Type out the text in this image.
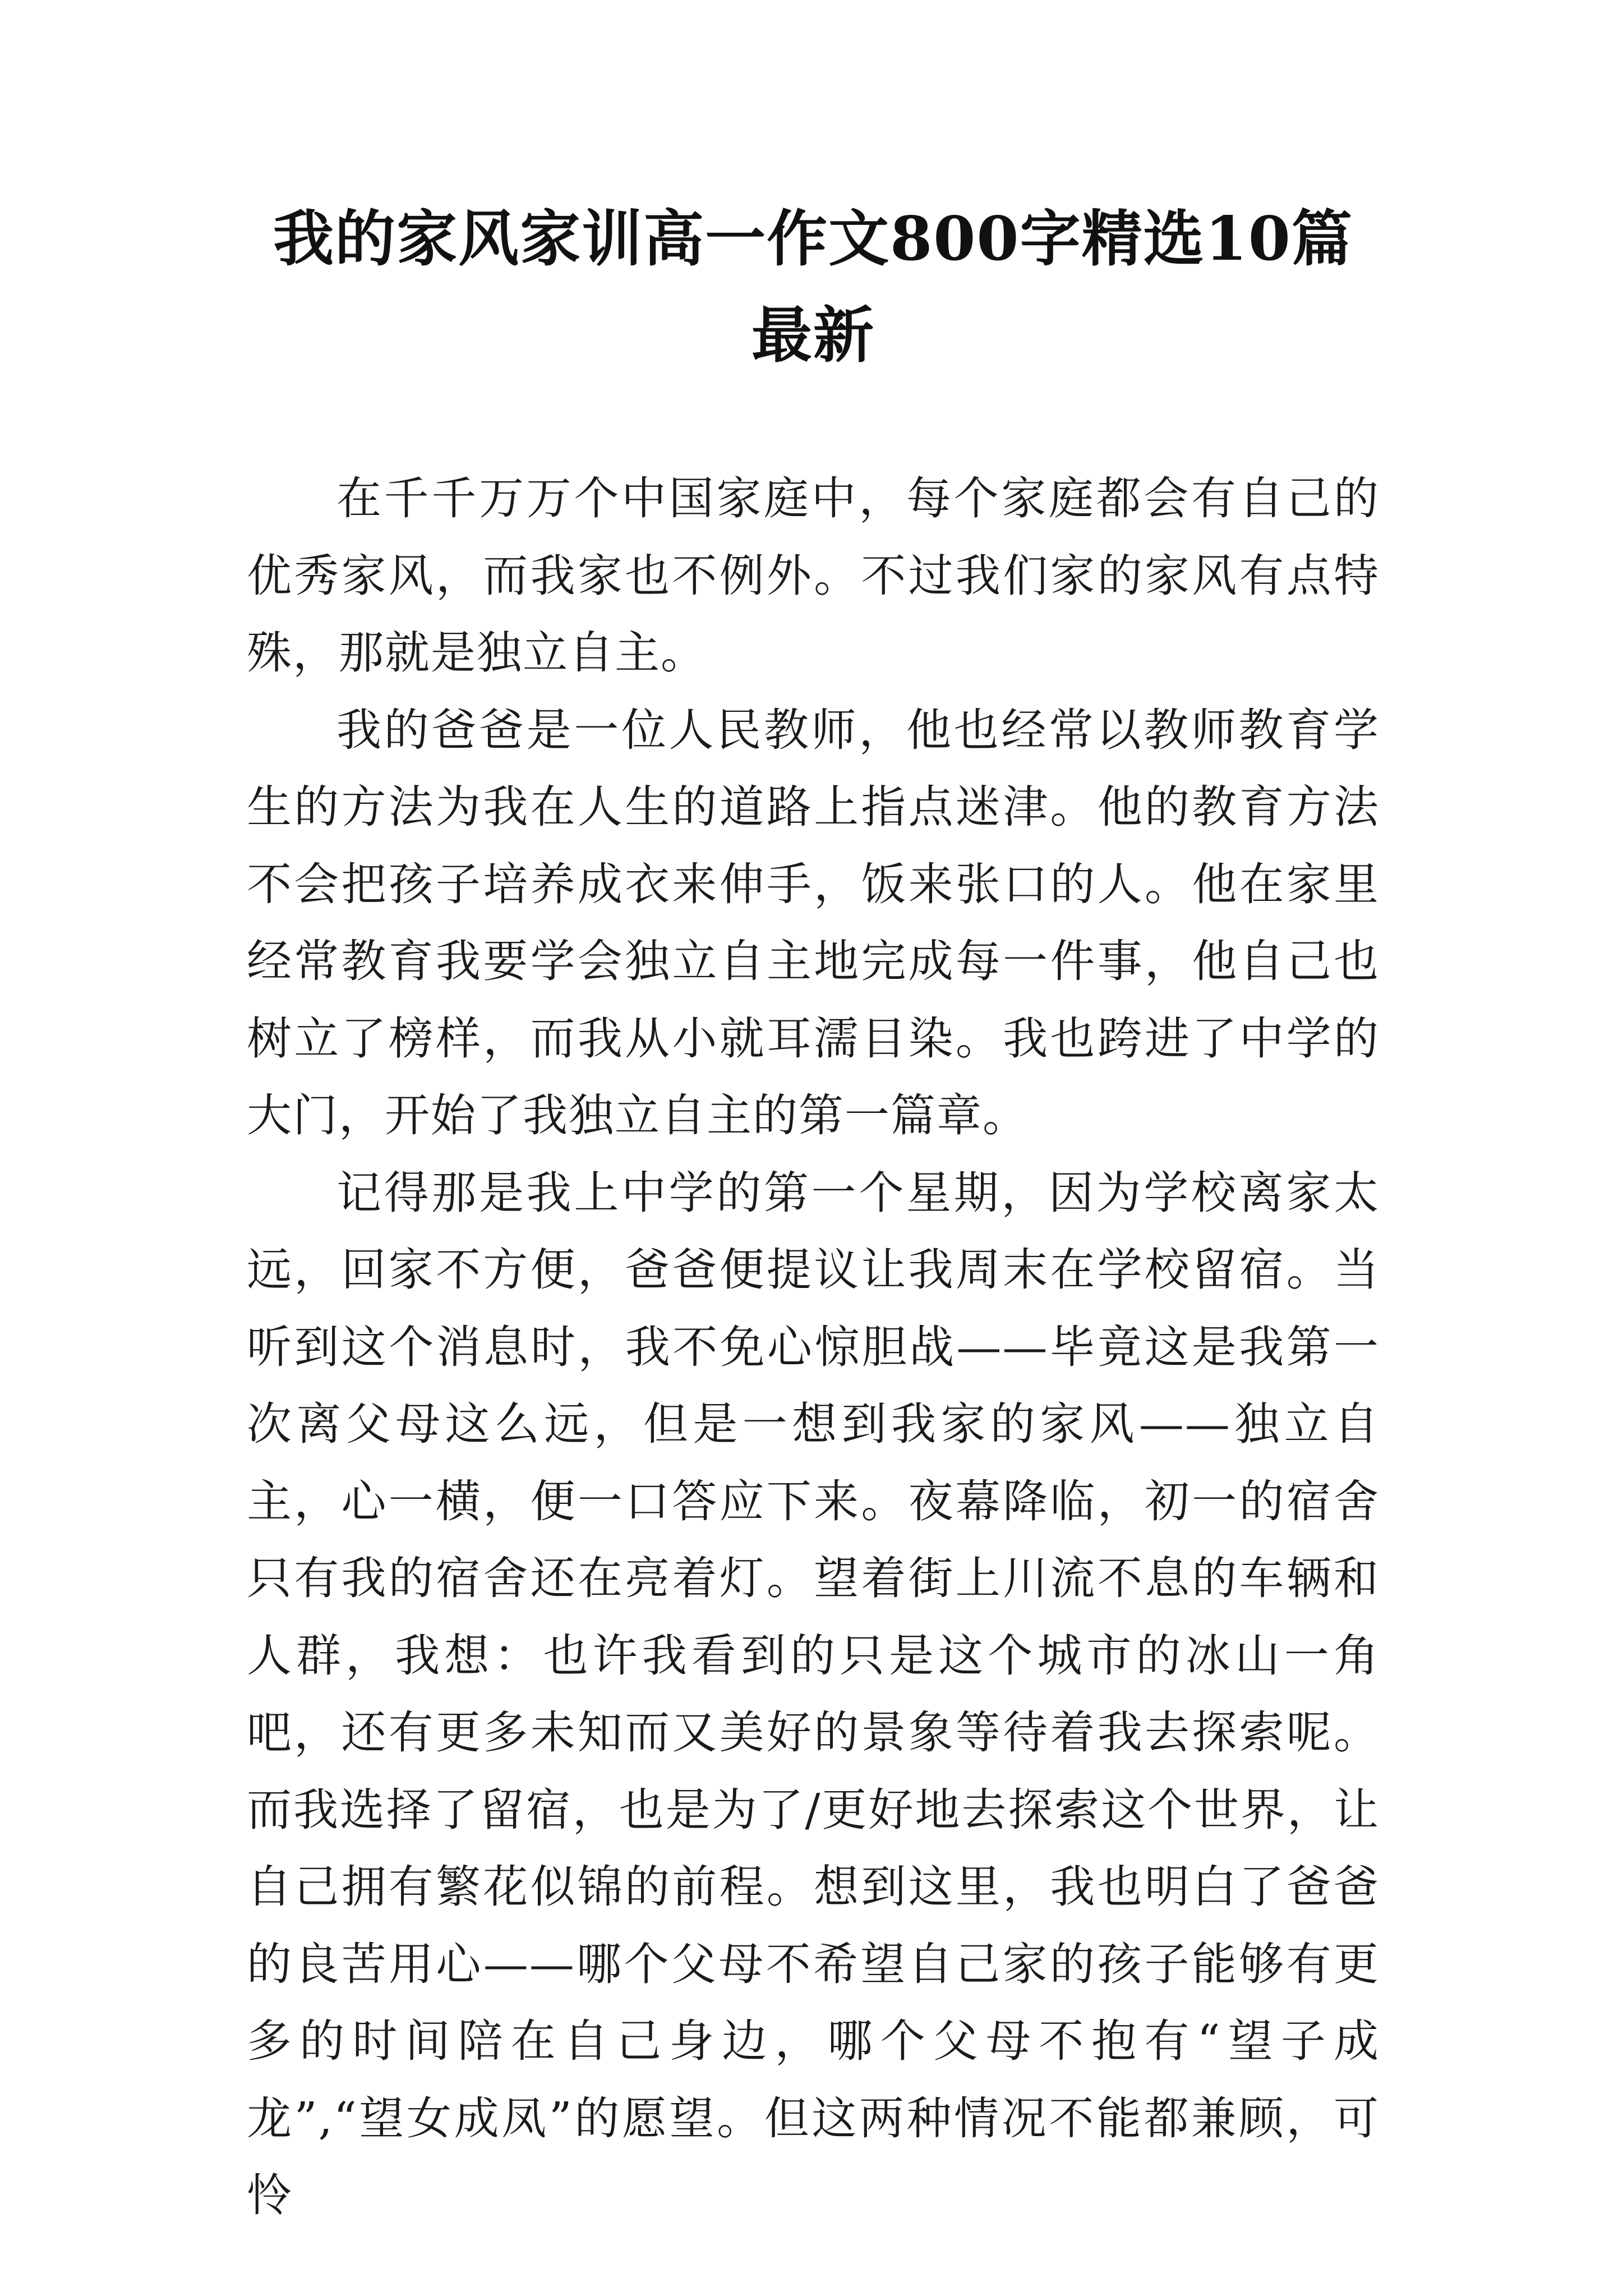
我的家风家训高一作文800字精选10篇最新

在千千万万个中国家庭中，每个家庭都会有自己的优秀家风，而我家也不例外。不过我们家的家风有点特殊，那就是独立自主。

我的爸爸是一位人民教师，他也经常以教师教育学生的方法为我在人生的道路上指点迷津。他的教育方法不会把孩子培养成衣来伸手，饭来张口的人。他在家里经常教育我要学会独立自主地完成每一件事，他自己也树立了榜样，而我从小就耳濡目染。我也跨进了中学的大门，开始了我独立自主的第一篇章。

记得那是我上中学的第一个星期，因为学校离家太远，回家不方便，爸爸便提议让我周末在学校留宿。当听到这个消息时，我不免心惊胆战——毕竟这是我第一次离父母这么远，但是一想到我家的家风——独立自主，心一横，便一口答应下来。夜幕降临，初一的宿舍只有我的宿舍还在亮着灯。望着街上川流不息的车辆和人群，我想：也许我看到的只是这个城市的冰山一角吧，还有更多未知而又美好的景象等待着我去探索呢。而我选择了留宿，也是为了/更好地去探索这个世界，让自己拥有繁花似锦的前程。想到这里，我也明白了爸爸的良苦用心——哪个父母不希望自己家的孩子能够有更多的时间陪在自己身边，哪个父母不抱有“望子成龙”,“望女成凤”的愿望。但这两种情况不能都兼顾，可怜
